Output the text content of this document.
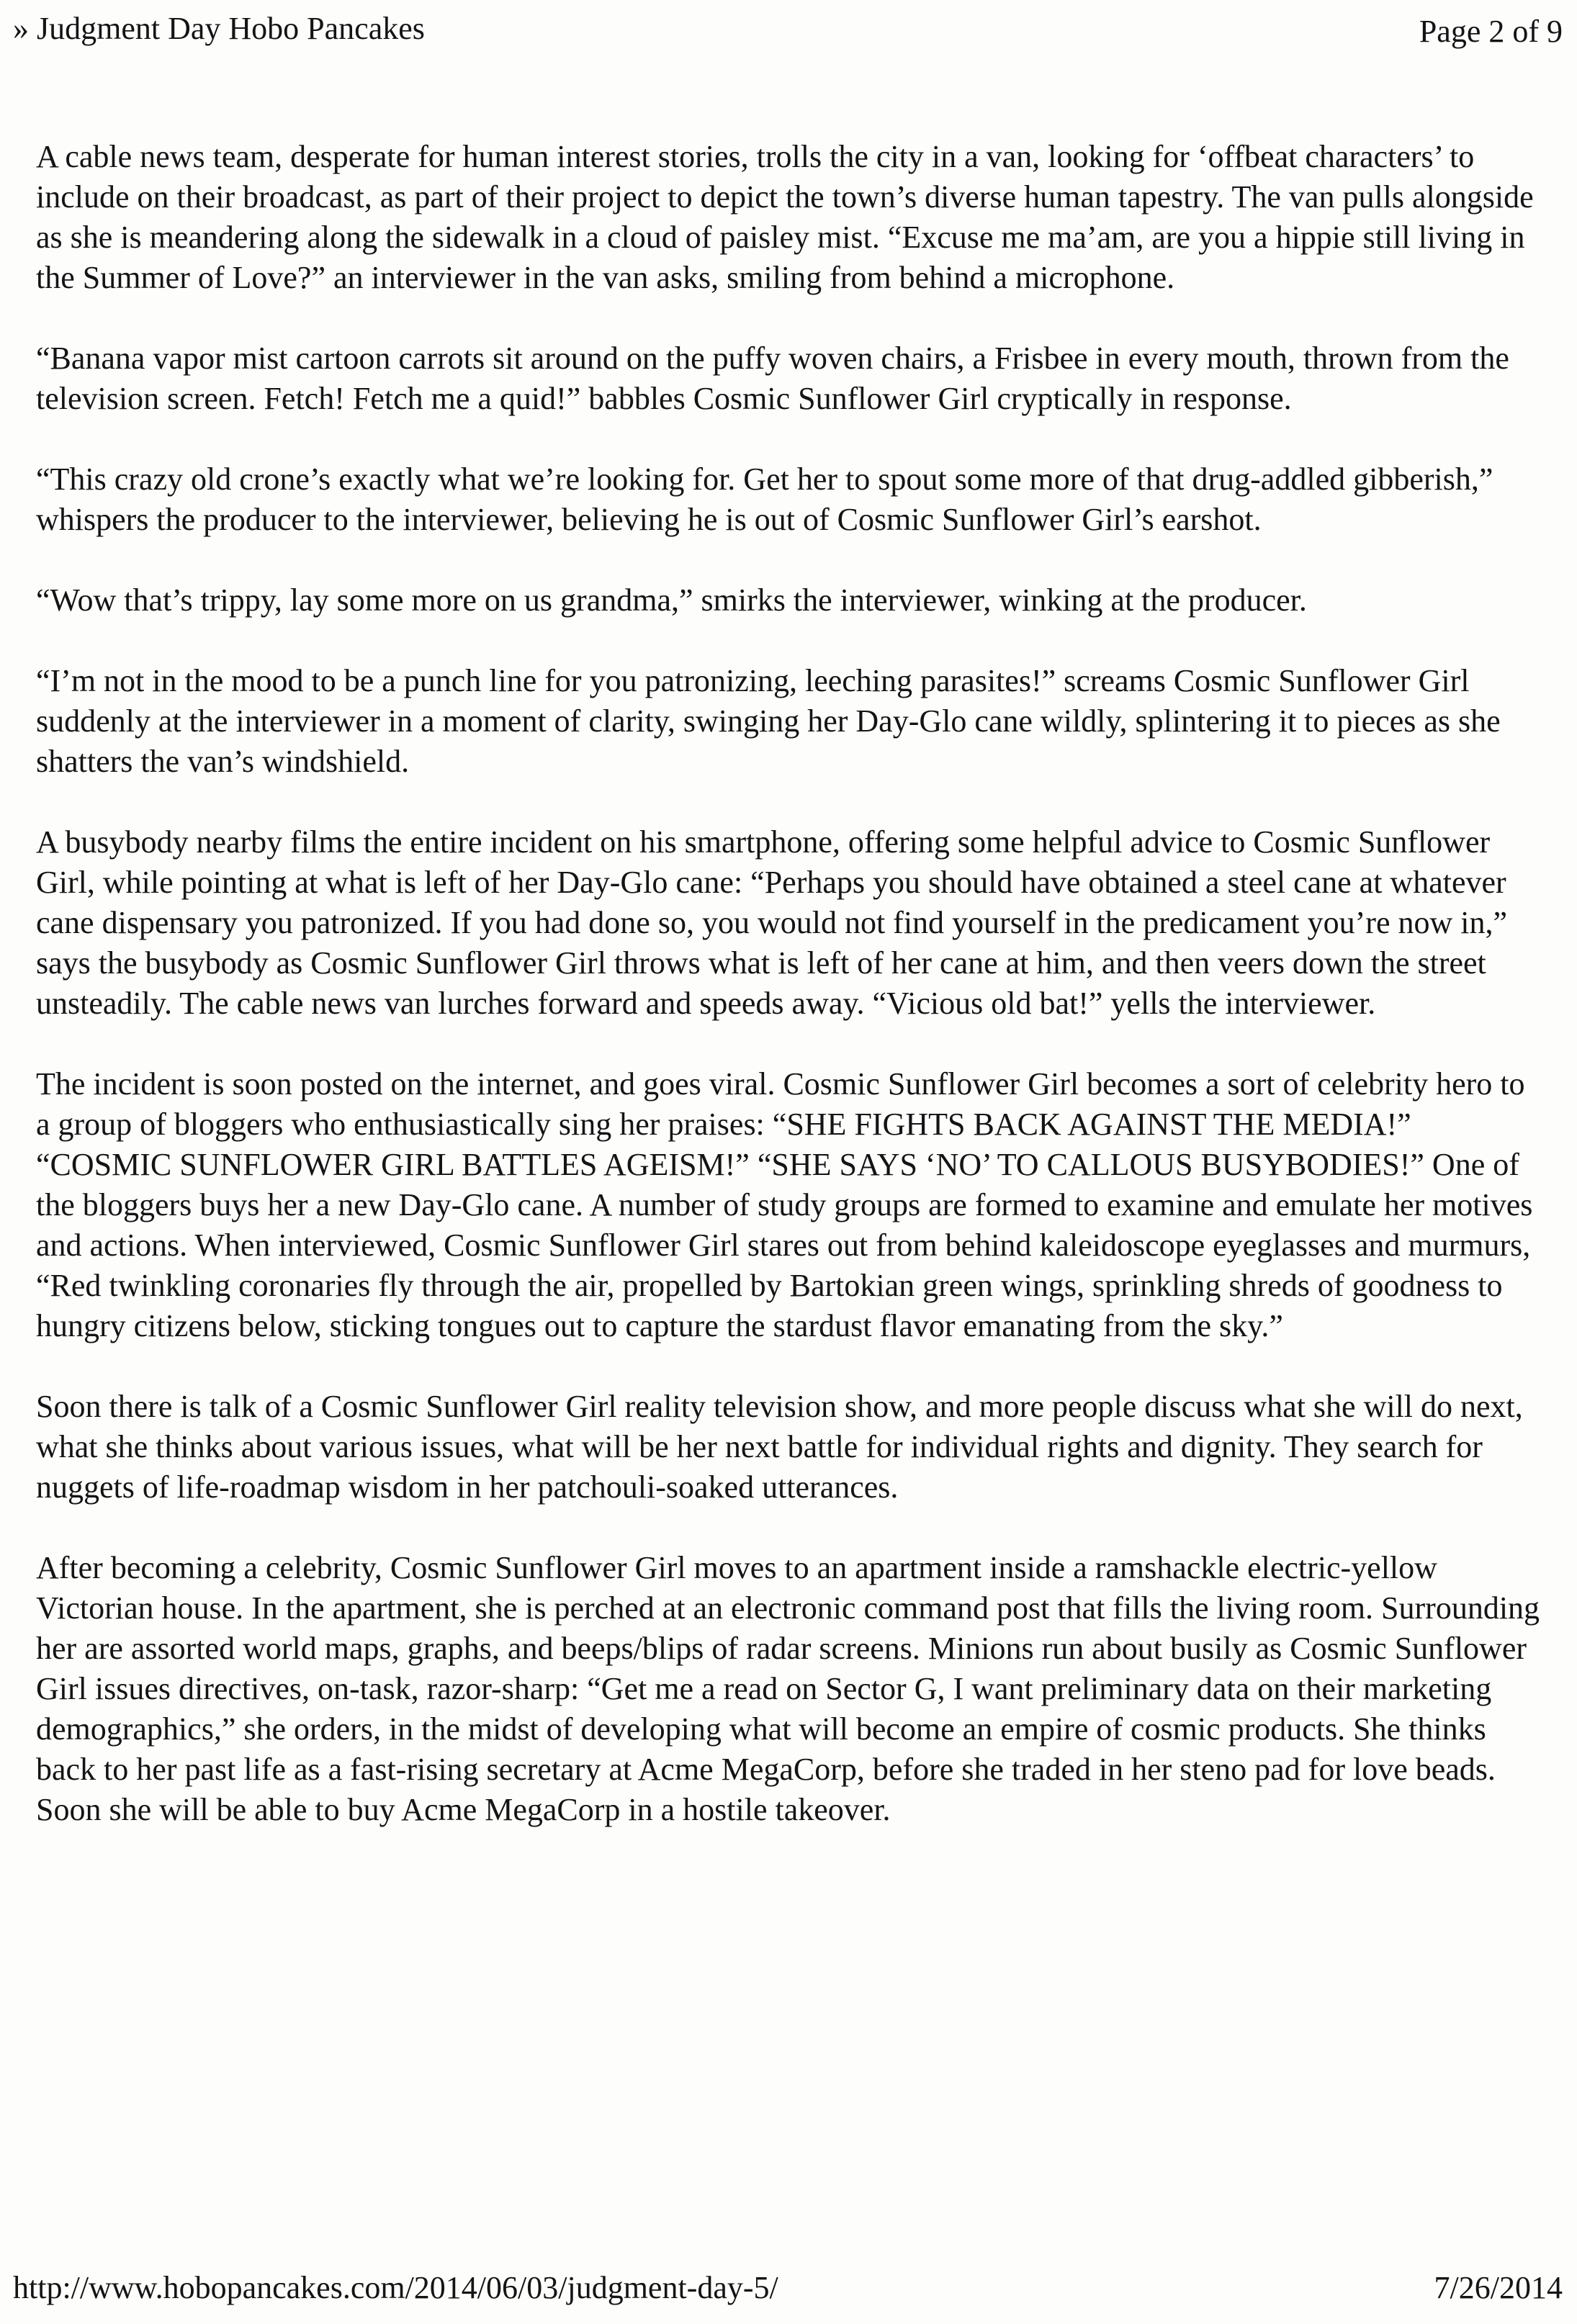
» Judgment Day Hobo Pancakes	Page 2 of 9

A cable news team, desperate for human interest stories, trolls the city in a van, looking for ‘offbeat characters’ to include on their broadcast, as part of their project to depict the town’s diverse human tapestry. The van pulls alongside as she is meandering along the sidewalk in a cloud of paisley mist. “Excuse me ma’am, are you a hippie still living in the Summer of Love?” an interviewer in the van asks, smiling from behind a microphone.

“Banana vapor mist cartoon carrots sit around on the puffy woven chairs, a Frisbee in every mouth, thrown from the television screen. Fetch! Fetch me a quid!” babbles Cosmic Sunflower Girl cryptically in response.

“This crazy old crone’s exactly what we’re looking for. Get her to spout some more of that drug-addled gibberish,” whispers the producer to the interviewer, believing he is out of Cosmic Sunflower Girl’s earshot.

“Wow that’s trippy, lay some more on us grandma,” smirks the interviewer, winking at the producer.

“I’m not in the mood to be a punch line for you patronizing, leeching parasites!” screams Cosmic Sunflower Girl suddenly at the interviewer in a moment of clarity, swinging her Day-Glo cane wildly, splintering it to pieces as she shatters the van’s windshield.

A busybody nearby films the entire incident on his smartphone, offering some helpful advice to Cosmic Sunflower Girl, while pointing at what is left of her Day-Glo cane: “Perhaps you should have obtained a steel cane at whatever cane dispensary you patronized. If you had done so, you would not find yourself in the predicament you’re now in,” says the busybody as Cosmic Sunflower Girl throws what is left of her cane at him, and then veers down the street unsteadily. The cable news van lurches forward and speeds away. “Vicious old bat!” yells the interviewer.

The incident is soon posted on the internet, and goes viral. Cosmic Sunflower Girl becomes a sort of celebrity hero to a group of bloggers who enthusiastically sing her praises: “SHE FIGHTS BACK AGAINST THE MEDIA!” “COSMIC SUNFLOWER GIRL BATTLES AGEISM!” “SHE SAYS ‘NO’ TO CALLOUS BUSYBODIES!” One of the bloggers buys her a new Day-Glo cane. A number of study groups are formed to examine and emulate her motives and actions. When interviewed, Cosmic Sunflower Girl stares out from behind kaleidoscope eyeglasses and murmurs, “Red twinkling coronaries fly through the air, propelled by Bartokian green wings, sprinkling shreds of goodness to hungry citizens below, sticking tongues out to capture the stardust flavor emanating from the sky.”

Soon there is talk of a Cosmic Sunflower Girl reality television show, and more people discuss what she will do next, what she thinks about various issues, what will be her next battle for individual rights and dignity. They search for nuggets of life-roadmap wisdom in her patchouli-soaked utterances.

After becoming a celebrity, Cosmic Sunflower Girl moves to an apartment inside a ramshackle electric-yellow Victorian house. In the apartment, she is perched at an electronic command post that fills the living room. Surrounding her are assorted world maps, graphs, and beeps/blips of radar screens. Minions run about busily as Cosmic Sunflower Girl issues directives, on-task, razor-sharp: “Get me a read on Sector G, I want preliminary data on their marketing demographics,” she orders, in the midst of developing what will become an empire of cosmic products. She thinks back to her past life as a fast-rising secretary at Acme MegaCorp, before she traded in her steno pad for love beads. Soon she will be able to buy Acme MegaCorp in a hostile takeover.

http://www.hobopancakes.com/2014/06/03/judgment-day-5/	7/26/2014
